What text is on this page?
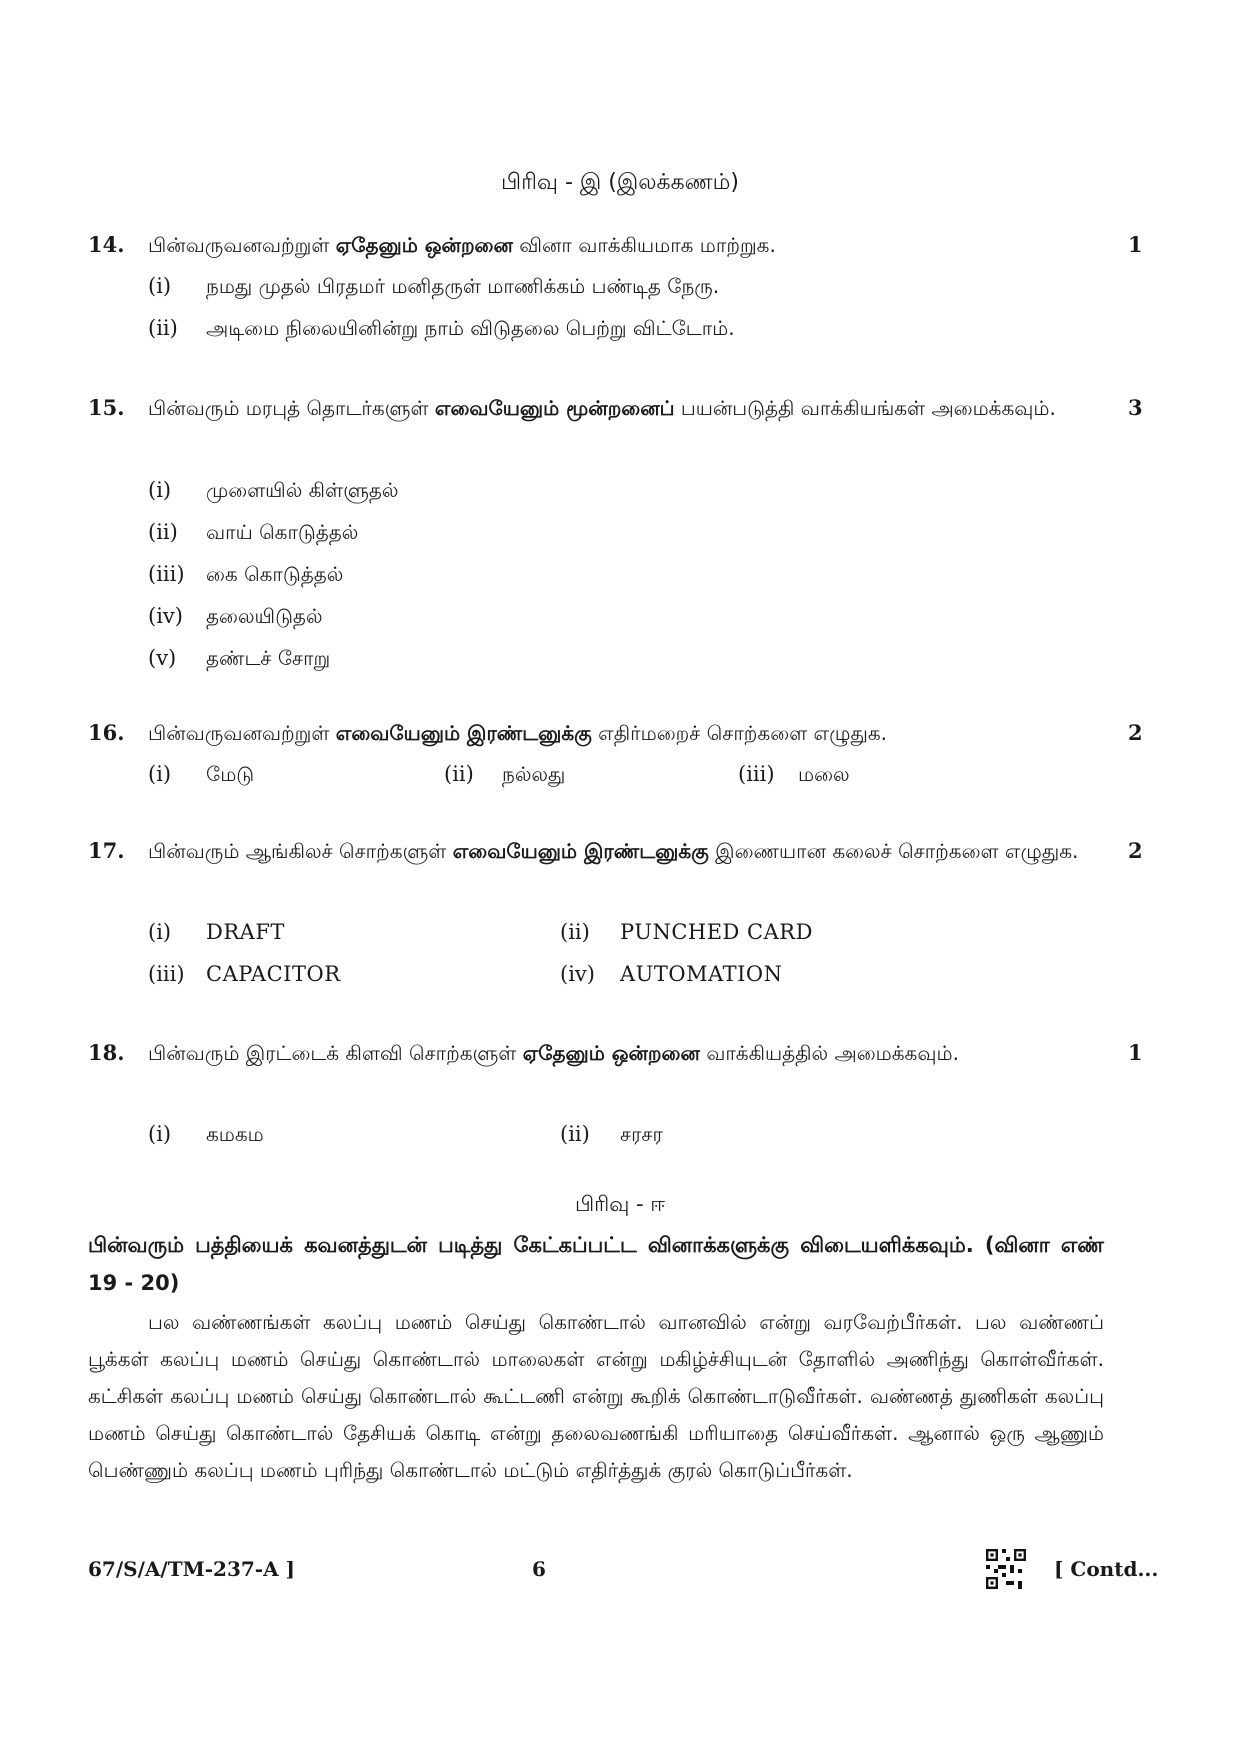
பிரிவு - இ (இலக்கணம்)
14. பின்வருவனவற்றுள் ஏதேனும் ஒன்றனை வினா வாக்கியமாக மாற்றுக.	1
(i) நமது முதல் பிரதமர் மனிதருள் மாணிக்கம் பண்டித நேரு.
(ii) அடிமை நிலையினின்று நாம் விடுதலை பெற்று விட்டோம்.
15. பின்வரும் மரபுத் தொடர்களுள் எவையேனும் மூன்றனைப் பயன்படுத்தி வாக்கியங்கள் அமைக்கவும்.	3
(i) முளையில் கிள்ளுதல்
(ii) வாய் கொடுத்தல்
(iii) கை கொடுத்தல்
(iv) தலையிடுதல்
(v) தண்டச் சோறு
16. பின்வருவனவற்றுள் எவையேனும் இரண்டனுக்கு எதிர்மறைச் சொற்களை எழுதுக.	2
(i) மேடு	(ii) நல்லது	(iii) மலை
17. பின்வரும் ஆங்கிலச் சொற்களுள் எவையேனும் இரண்டனுக்கு இணையான கலைச் சொற்களை எழுதுக.	2
(i) DRAFT	(ii) PUNCHED CARD
(iii) CAPACITOR	(iv) AUTOMATION
18. பின்வரும் இரட்டைக் கிளவி சொற்களுள் ஏதேனும் ஒன்றனை வாக்கியத்தில் அமைக்கவும்.	1
(i) கமகம	(ii) சரசர
பிரிவு - ஈ
பின்வரும் பத்தியைக் கவனத்துடன் படித்து கேட்கப்பட்ட வினாக்களுக்கு விடையளிக்கவும். (வினா எண் 19 - 20)
பல வண்ணங்கள் கலப்பு மணம் செய்து கொண்டால் வானவில் என்று வரவேற்பீர்கள். பல வண்ணப் பூக்கள் கலப்பு மணம் செய்து கொண்டால் மாலைகள் என்று மகிழ்ச்சியுடன் தோளில் அணிந்து கொள்வீர்கள். கட்சிகள் கலப்பு மணம் செய்து கொண்டால் கூட்டணி என்று கூறிக் கொண்டாடுவீர்கள். வண்ணத் துணிகள் கலப்பு மணம் செய்து கொண்டால் தேசியக் கொடி என்று தலைவணங்கி மரியாதை செய்வீர்கள். ஆனால் ஒரு ஆணும் பெண்ணும் கலப்பு மணம் புரிந்து கொண்டால் மட்டும் எதிர்த்துக் குரல் கொடுப்பீர்கள்.
67/S/A/TM-237-A ]	6	[ Contd...
